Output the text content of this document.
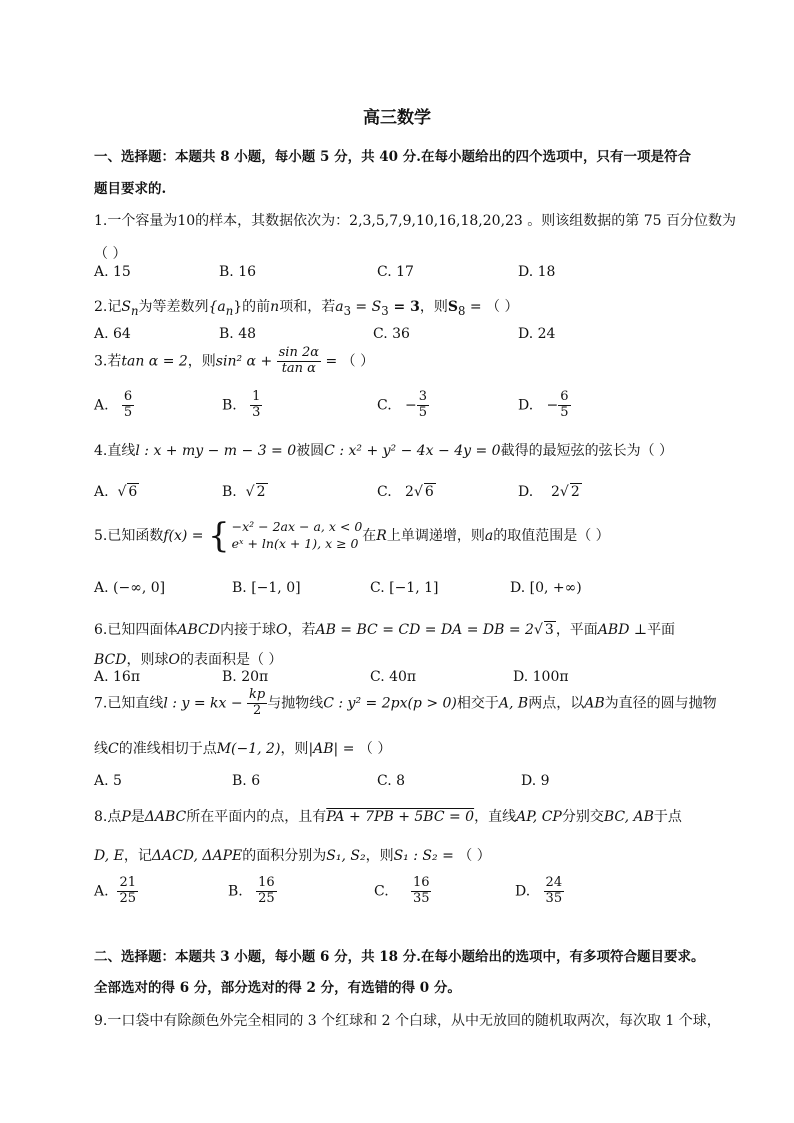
高三数学
一、选择题：本题共 8 小题，每小题 5 分，共 40 分.在每小题给出的四个选项中，只有一项是符合
题目要求的.
1.一个容量为10的样本，其数据依次为：2,3,5,7,9,10,16,18,20,23 。则该组数据的第 75 百分位数为
（ ）
A. 15	B. 16	C. 17	D. 18
2.记$S_n$为等差数列$\{a_n\}$的前n项和，若$a_3 = S_3 = 3$，则$S_8$ = （ ）
A. 64	B. 48	C. 36	D. 24
3.若tan α = 2，则sin² $\alpha + \frac{\sin 2\alpha}{\text{tan α}}$ = （ ）
A. $\frac{6}{5}$	B. $\frac{1}{3}$	C. − $\frac{3}{5}$	D. − $\frac{6}{5}$
4.直线l : x + my − m − 3 = 0被圆C : x² + y² − 4x − 4y = 0截得的最短弦的弦长为（ ）
A. √ 6	B. √ 2	C. 2√ 6	D. 2√ 2
5.已知函数f(x) = { −x² − 2ax − a, x < 0
eˣ + ln(x + 1), x ≥ 0 在R上单调递增，则a的取值范围是（ ）
A. (−∞, 0]	B. [−1, 0]	C. [−1, 1]	D. [0, +∞)
6.已知四面体ABCD内接于球O，若AB = BC = CD = DA = DB = 2√ 3 ，平面ABD ⊥平面
BCD，则球O的表面积是（ ）
A. 16π	B. 20π	C. 40π	D. 100π
7.已知直线l : y = kx − $\frac{kp}{2}$ 与抛物线C : y² = 2px(p > 0)相交于A, B两点，以AB为直径的圆与抛物
线C的准线相切于点M(−1, 2)，则|AB| = （ ）
A. 5	B. 6	C. 8	D. 9
8.点P是ΔABC所在平面内的点，且有PA + 7PB + 5BC = 0，直线AP, CP分别交BC, AB于点
D, E，记ΔACD, ΔAPE的面积分别为S₁, S₂，则S₁ : S₂ = （ ）
A. $\frac{21}{25}$	B. $\frac{16}{25}$	C. $\frac{16}{35}$	D. $\frac{24}{35}$
二、选择题：本题共 3 小题，每小题 6 分，共 18 分.在每小题给出的选项中，有多项符合题目要求。
全部选对的得 6 分，部分选对的得 2 分，有选错的得 0 分。
9.一口袋中有除颜色外完全相同的 3 个红球和 2 个白球，从中无放回的随机取两次，每次取 1 个球，
